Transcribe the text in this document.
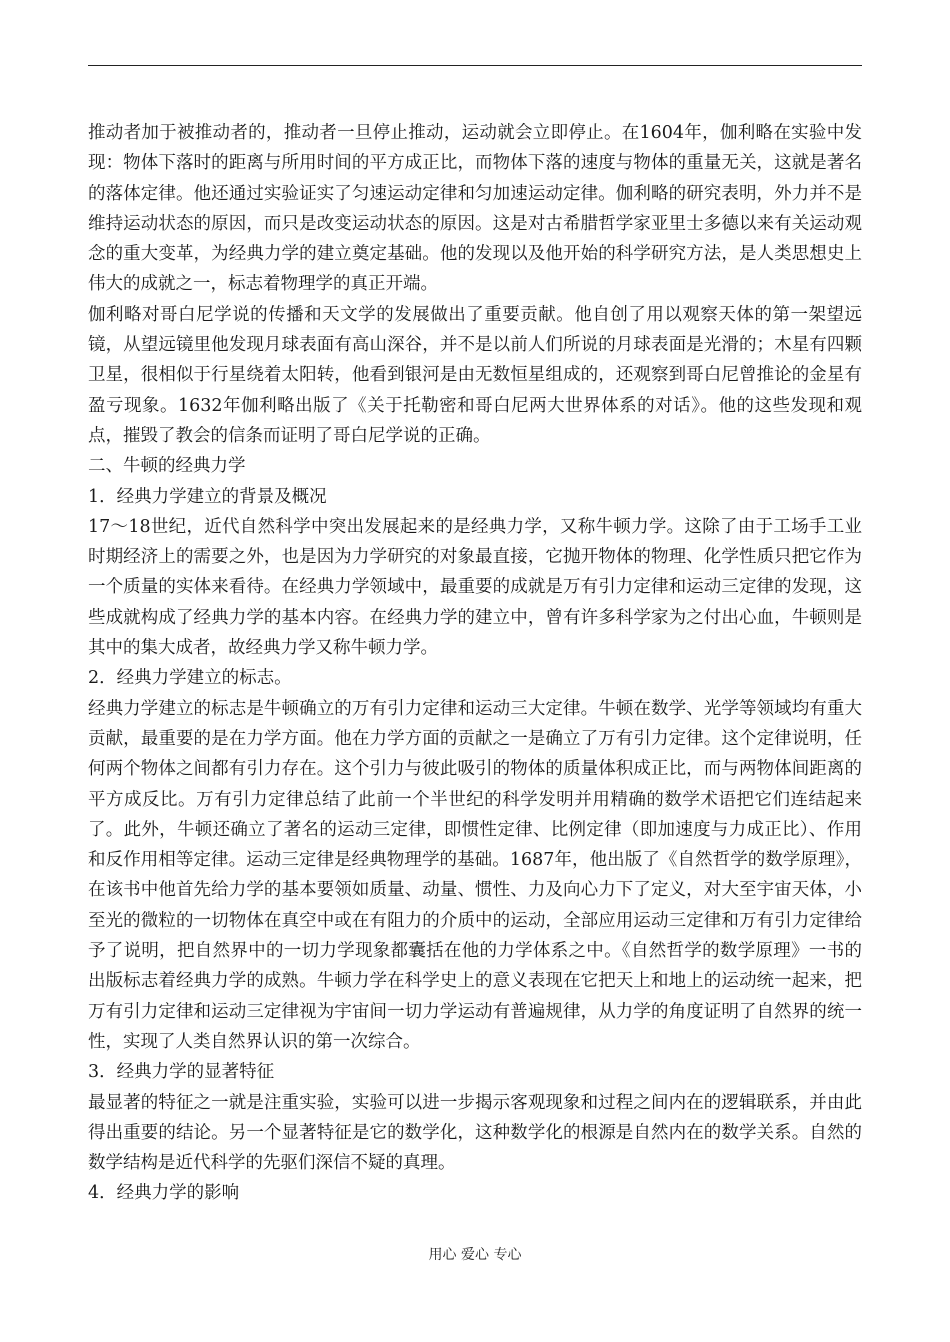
推动者加于被推动者的，推动者一旦停止推动，运动就会立即停止。在1604年，伽利略在实验中发现：物体下落时的距离与所用时间的平方成正比，而物体下落的速度与物体的重量无关，这就是著名的落体定律。他还通过实验证实了匀速运动定律和匀加速运动定律。伽利略的研究表明，外力并不是维持运动状态的原因，而只是改变运动状态的原因。这是对古希腊哲学家亚里士多德以来有关运动观念的重大变革，为经典力学的建立奠定基础。他的发现以及他开始的科学研究方法，是人类思想史上伟大的成就之一，标志着物理学的真正开端。

伽利略对哥白尼学说的传播和天文学的发展做出了重要贡献。他自创了用以观察天体的第一架望远镜，从望远镜里他发现月球表面有高山深谷，并不是以前人们所说的月球表面是光滑的；木星有四颗卫星，很相似于行星绕着太阳转，他看到银河是由无数恒星组成的，还观察到哥白尼曾推论的金星有盈亏现象。1632年伽利略出版了《关于托勒密和哥白尼两大世界体系的对话》。他的这些发现和观点，摧毁了教会的信条而证明了哥白尼学说的正确。

二、牛顿的经典力学

1．经典力学建立的背景及概况

17～18世纪，近代自然科学中突出发展起来的是经典力学，又称牛顿力学。这除了由于工场手工业时期经济上的需要之外，也是因为力学研究的对象最直接，它抛开物体的物理、化学性质只把它作为一个质量的实体来看待。在经典力学领域中，最重要的成就是万有引力定律和运动三定律的发现，这些成就构成了经典力学的基本内容。在经典力学的建立中，曾有许多科学家为之付出心血，牛顿则是其中的集大成者，故经典力学又称牛顿力学。

2．经典力学建立的标志。

经典力学建立的标志是牛顿确立的万有引力定律和运动三大定律。牛顿在数学、光学等领域均有重大贡献，最重要的是在力学方面。他在力学方面的贡献之一是确立了万有引力定律。这个定律说明，任何两个物体之间都有引力存在。这个引力与彼此吸引的物体的质量体积成正比，而与两物体间距离的平方成反比。万有引力定律总结了此前一个半世纪的科学发明并用精确的数学术语把它们连结起来了。此外，牛顿还确立了著名的运动三定律，即惯性定律、比例定律（即加速度与力成正比）、作用和反作用相等定律。运动三定律是经典物理学的基础。1687年，他出版了《自然哲学的数学原理》，在该书中他首先给力学的基本要领如质量、动量、惯性、力及向心力下了定义，对大至宇宙天体，小至光的微粒的一切物体在真空中或在有阻力的介质中的运动，全部应用运动三定律和万有引力定律给予了说明，把自然界中的一切力学现象都囊括在他的力学体系之中。《自然哲学的数学原理》一书的出版标志着经典力学的成熟。牛顿力学在科学史上的意义表现在它把天上和地上的运动统一起来，把万有引力定律和运动三定律视为宇宙间一切力学运动有普遍规律，从力学的角度证明了自然界的统一性，实现了人类自然界认识的第一次综合。

3．经典力学的显著特征

最显著的特征之一就是注重实验，实验可以进一步揭示客观现象和过程之间内在的逻辑联系，并由此得出重要的结论。另一个显著特征是它的数学化，这种数学化的根源是自然内在的数学关系。自然的数学结构是近代科学的先驱们深信不疑的真理。

4．经典力学的影响

用心 爱心 专心
